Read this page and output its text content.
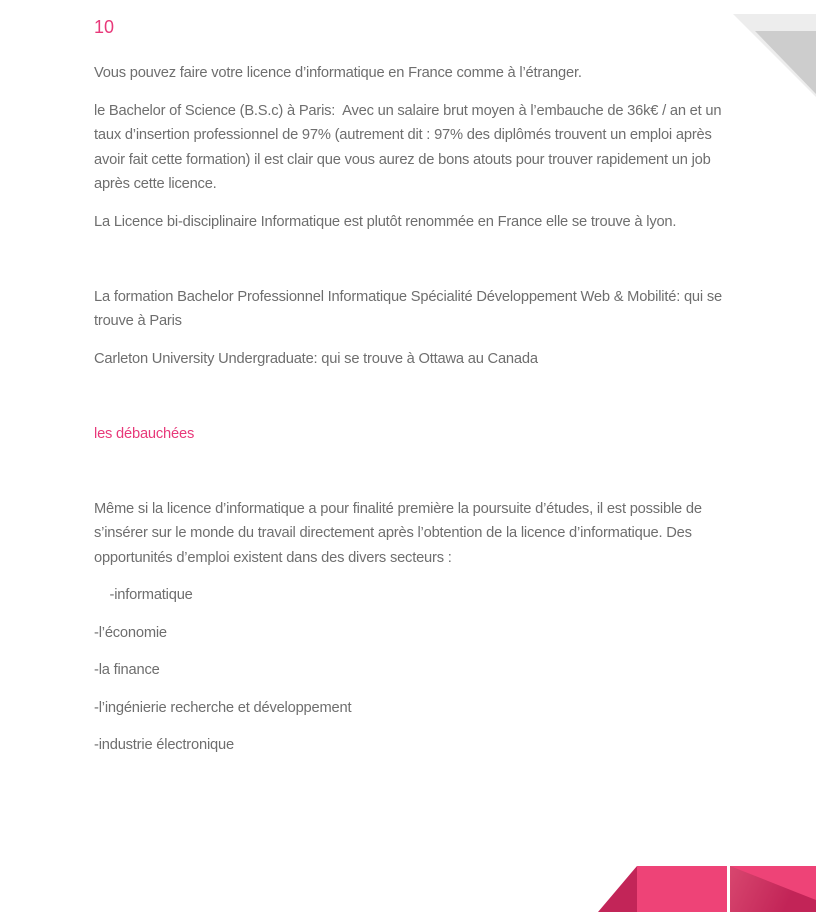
10

Vous pouvez faire votre licence d’informatique en France comme à l’étranger.

le Bachelor of Science (B.S.c) à Paris:  Avec un salaire brut moyen à l’embauche de 36k€ / an et un taux d’insertion professionnel de 97% (autrement dit : 97% des diplômés trouvent un emploi après avoir fait cette formation) il est clair que vous aurez de bons atouts pour trouver rapidement un job après cette licence.

La Licence bi-disciplinaire Informatique est plutôt renommée en France elle se trouve à lyon.

La formation Bachelor Professionnel Informatique Spécialité Développement Web & Mobilité: qui se trouve à Paris

Carleton University Undergraduate: qui se trouve à Ottawa au Canada

les débauchées

Même si la licence d’informatique a pour finalité première la poursuite d’études, il est possible de s’insérer sur le monde du travail directement après l’obtention de la licence d’informatique. Des opportunités d’emploi existent dans des divers secteurs :

-informatique

-l’économie

-la finance

-l’ingénierie recherche et développement

-industrie électronique
